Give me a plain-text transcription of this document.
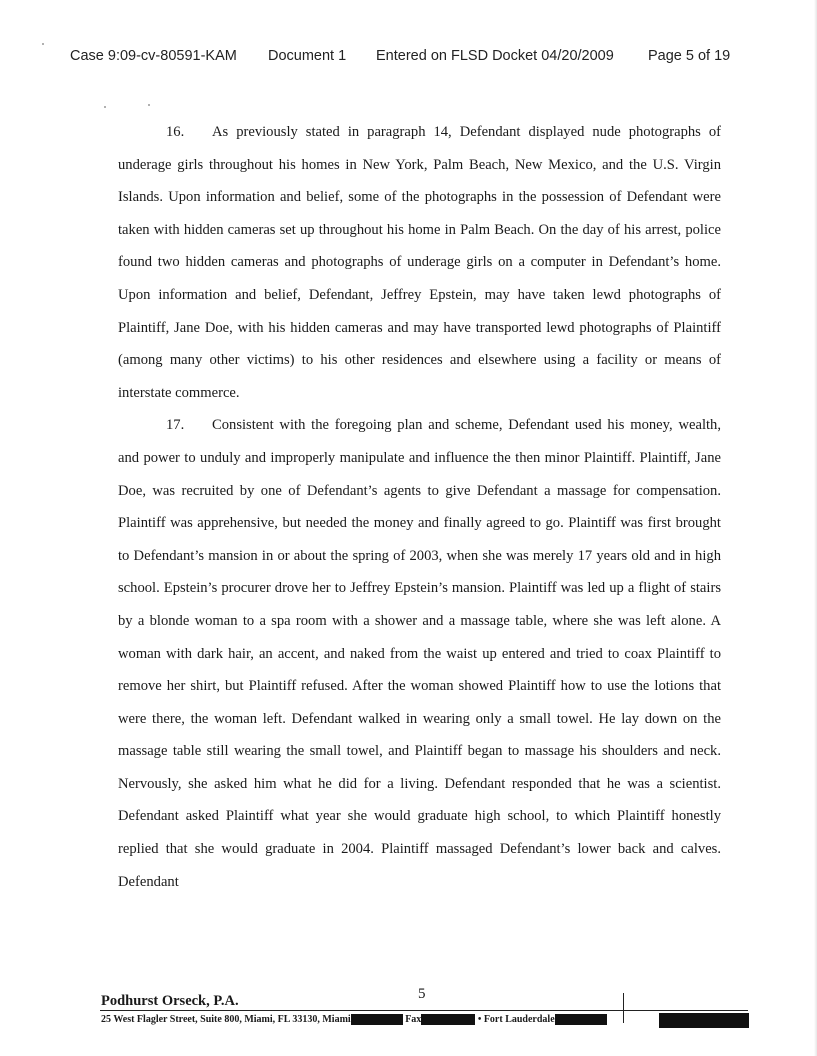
Case 9:09-cv-80591-KAM Document 1 Entered on FLSD Docket 04/20/2009 Page 5 of 19

16. As previously stated in paragraph 14, Defendant displayed nude photographs of underage girls throughout his homes in New York, Palm Beach, New Mexico, and the U.S. Virgin Islands. Upon information and belief, some of the photographs in the possession of Defendant were taken with hidden cameras set up throughout his home in Palm Beach. On the day of his arrest, police found two hidden cameras and photographs of underage girls on a computer in Defendant’s home. Upon information and belief, Defendant, Jeffrey Epstein, may have taken lewd photographs of Plaintiff, Jane Doe, with his hidden cameras and may have transported lewd photographs of Plaintiff (among many other victims) to his other residences and elsewhere using a facility or means of interstate commerce.

17. Consistent with the foregoing plan and scheme, Defendant used his money, wealth, and power to unduly and improperly manipulate and influence the then minor Plaintiff. Plaintiff, Jane Doe, was recruited by one of Defendant’s agents to give Defendant a massage for compensation. Plaintiff was apprehensive, but needed the money and finally agreed to go. Plaintiff was first brought to Defendant’s mansion in or about the spring of 2003, when she was merely 17 years old and in high school. Epstein’s procurer drove her to Jeffrey Epstein’s mansion. Plaintiff was led up a flight of stairs by a blonde woman to a spa room with a shower and a massage table, where she was left alone. A woman with dark hair, an accent, and naked from the waist up entered and tried to coax Plaintiff to remove her shirt, but Plaintiff refused. After the woman showed Plaintiff how to use the lotions that were there, the woman left. Defendant walked in wearing only a small towel. He lay down on the massage table still wearing the small towel, and Plaintiff began to massage his shoulders and neck. Nervously, she asked him what he did for a living. Defendant responded that he was a scientist. Defendant asked Plaintiff what year she would graduate high school, to which Plaintiff honestly replied that she would graduate in 2004. Plaintiff massaged Defendant’s lower back and calves. Defendant

5
Podhurst Orseck, P.A.
25 West Flagler Street, Suite 800, Miami, FL 33130, Miami	Fax	• Fort Lauderdale
